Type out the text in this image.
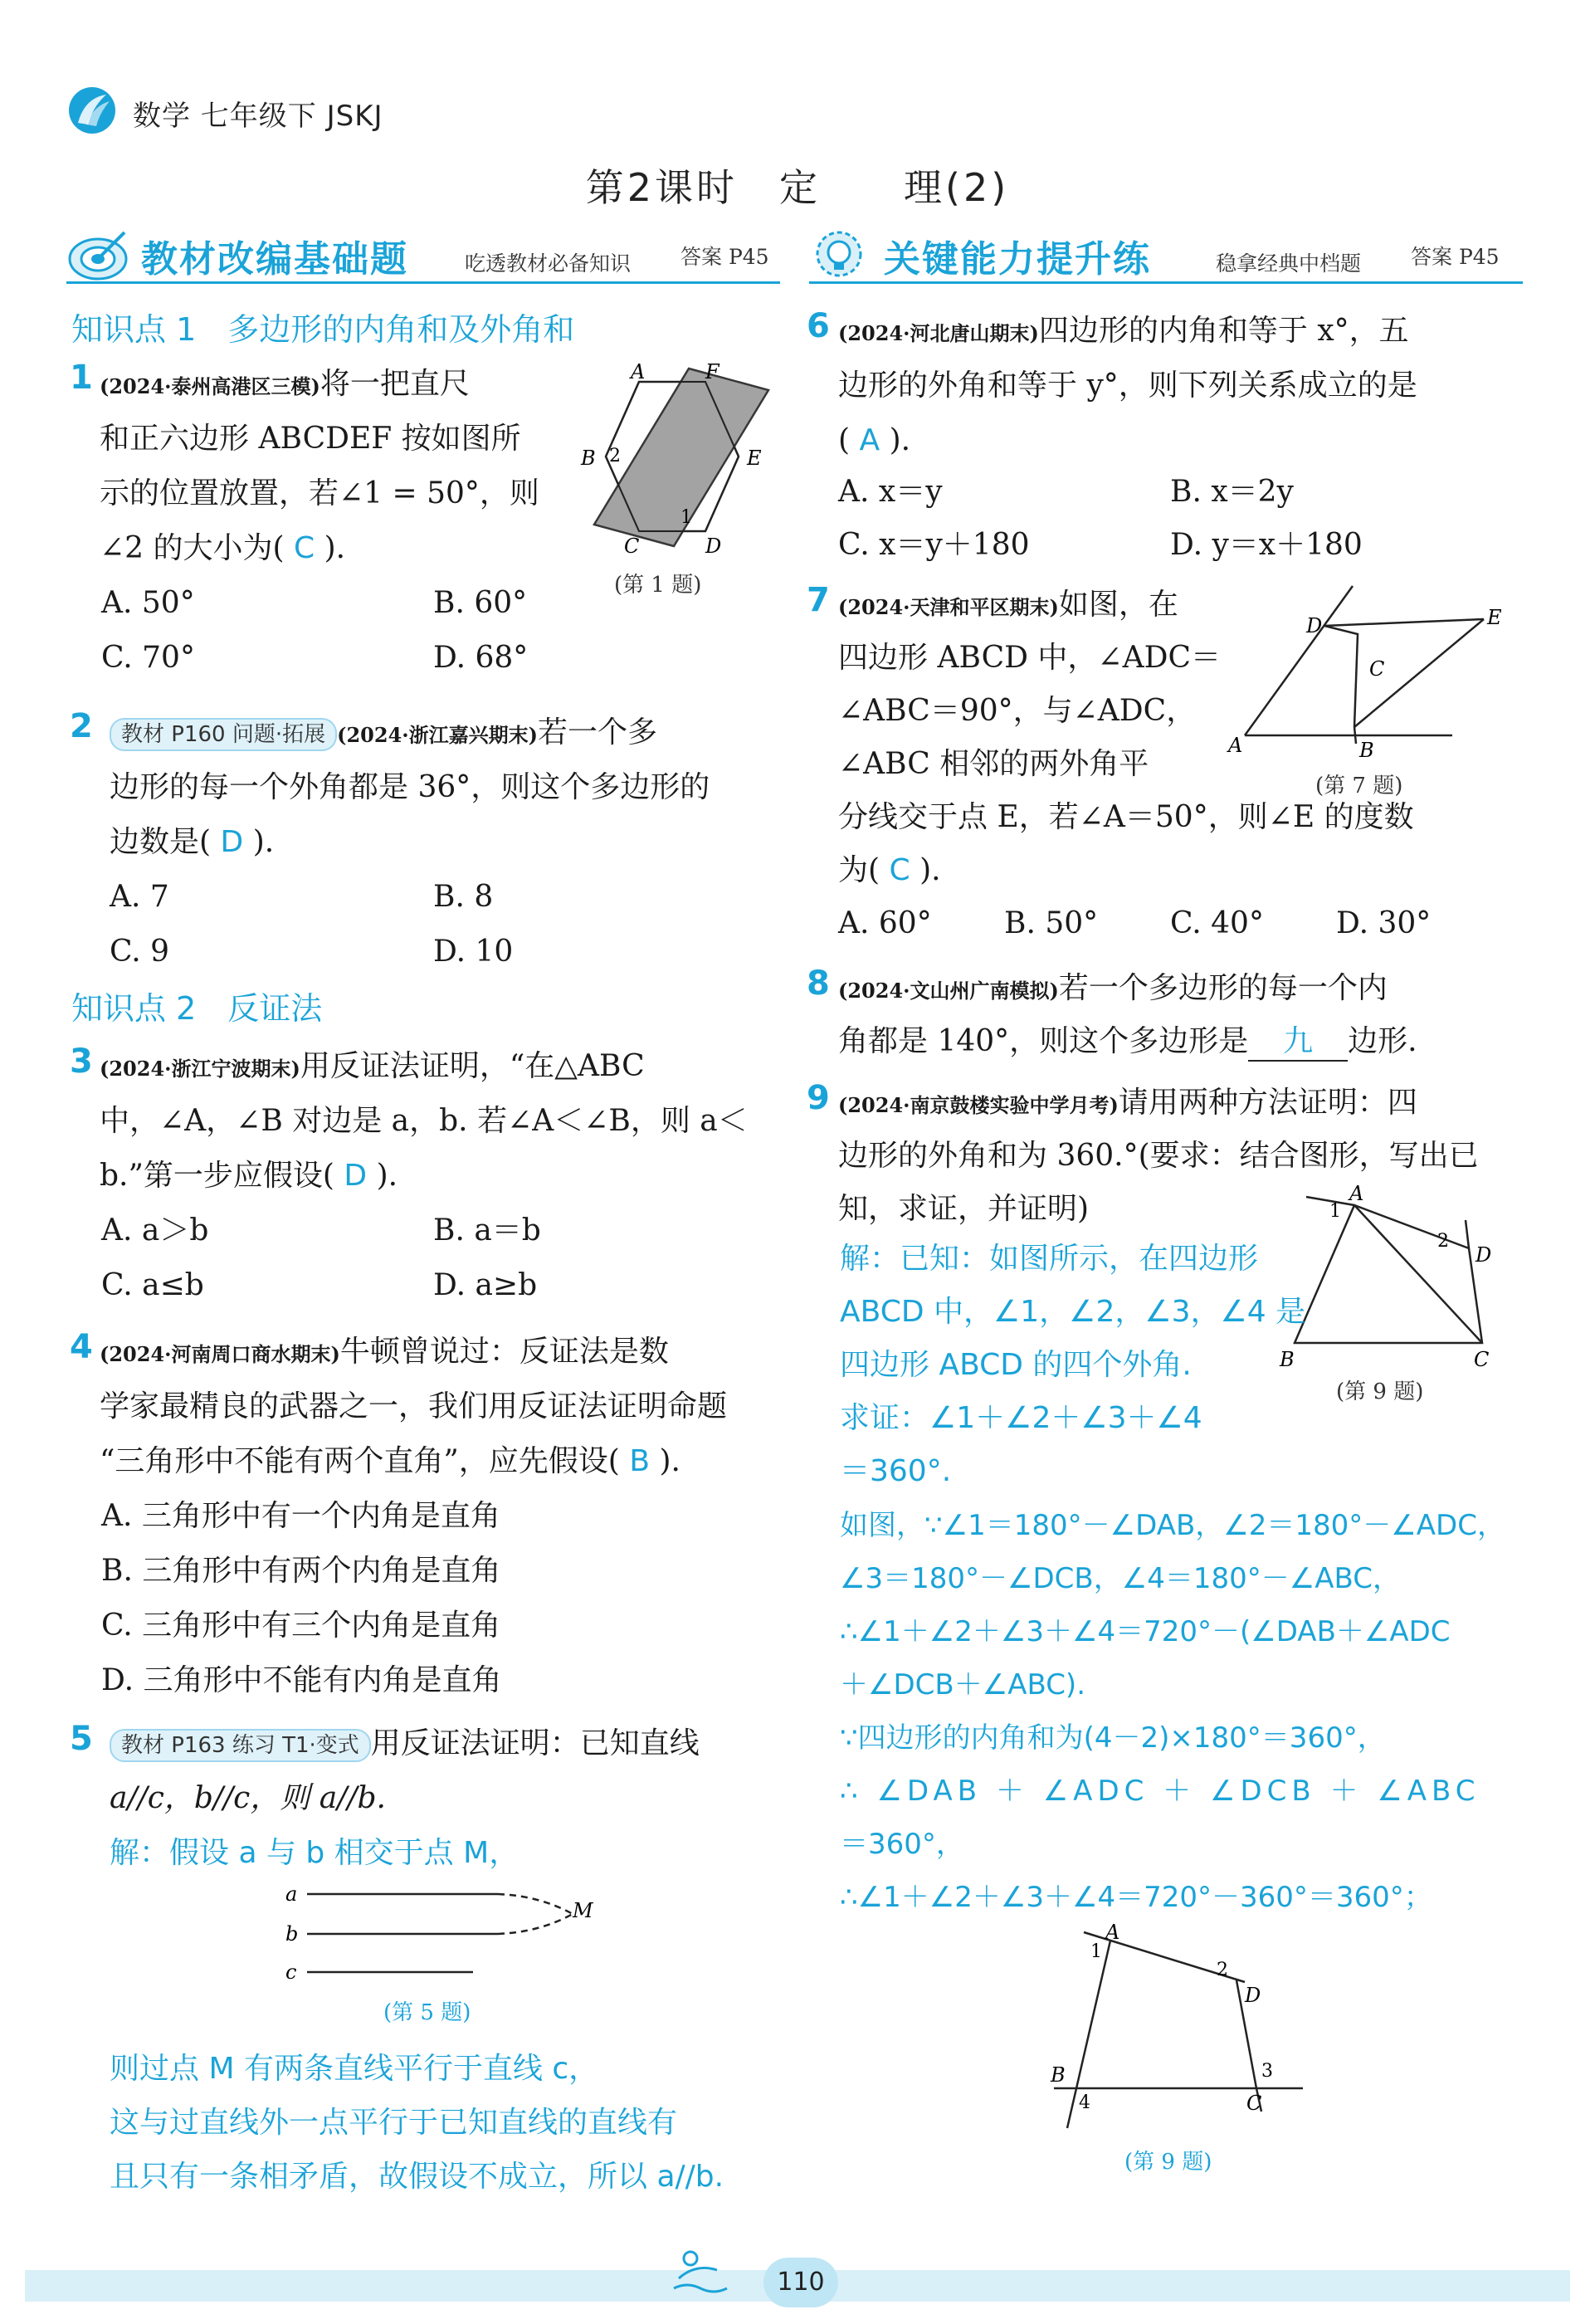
数学 七年级下 JSKJ
第2课时　定　　理(2)
教材改编基础题	吃透教材必备知识 答案 P45	关键能力提升练	稳拿经典中档题 答案 P45
知识点 1　多边形的内角和及外角和
1 (2024·泰州高港区三模)将一把直尺
和正六边形 ABCDEF 按如图所
示的位置放置，若∠1 = 50°，则
∠2 的大小为( C ).
A	F
B	E
C	D
1
2
(第 1 题)
A. 50°	B. 60°
C. 70°	D. 68°
2	教材 P160 问题·拓展 (2024·浙江嘉兴期末)若一个多
边形的每一个外角都是 36°，则这个多边形的
边数是( D ).
A. 7	B. 8
C. 9	D. 10
知识点 2　反证法
3 (2024·浙江宁波期末)用反证法证明，“在△ABC
中，∠A，∠B 对边是 a，b. 若∠A＜∠B，则 a＜
b.”第一步应假设( D ).
A. a＞b	B. a＝b
C. a≤b	D. a≥b
4 (2024·河南周口商水期末)牛顿曾说过：反证法是数
学家最精良的武器之一，我们用反证法证明命题
“三角形中不能有两个直角”，应先假设( B ).
A. 三角形中有一个内角是直角
B. 三角形中有两个内角是直角
C. 三角形中有三个内角是直角
D. 三角形中不能有内角是直角
5	教材 P163 练习 T1·变式 用反证法证明：已知直线
a//c，b//c，则 a//b.
解：假设 a 与 b 相交于点 M，
a
b
c
M
(第 5 题)
则过点 M 有两条直线平行于直线 c，
这与过直线外一点平行于已知直线的直线有
且只有一条相矛盾，故假设不成立，所以 a//b.
6 (2024·河北唐山期末)四边形的内角和等于 x°，五
边形的外角和等于 y°，则下列关系成立的是
( A ).
A. x＝y	B. x＝2y
C. x＝y＋180	D. y＝x＋180
7 (2024·天津和平区期末)如图，在
四边形 ABCD 中，∠ADC＝
∠ABC＝90°，与∠ADC，
∠ABC 相邻的两外角平
分线交于点 E，若∠A＝50°，则∠E 的度数
为( C ).
A. 60° B. 50° C. 40° D. 30°
A
D
C
B
E
(第 7 题)
8 (2024·文山州广南模拟)若一个多边形的每一个内
角都是 140°，则这个多边形是 九 边形.
9 (2024·南京鼓楼实验中学月考)请用两种方法证明：四
边形的外角和为 360.°(要求：结合图形，写出已
知，求证，并证明)	A
1
2
D
B	C
(第 9 题)
解：已知：如图所示，在四边形
ABCD 中，∠1，∠2，∠3，∠4 是
四边形 ABCD 的四个外角.
求证：∠1＋∠2＋∠3＋∠4
＝360°.
如图，∵∠1＝180°－∠DAB，∠2＝180°－∠ADC，
∠3＝180°－∠DCB，∠4＝180°－∠ABC，
∴∠1＋∠2＋∠3＋∠4＝720°－(∠DAB＋∠ADC
＋∠DCB＋∠ABC).
∵四边形的内角和为(4－2)×180°＝360°，
∴ ∠DAB ＋ ∠ADC ＋ ∠DCB ＋ ∠ABC
＝360°，
∴∠1＋∠2＋∠3＋∠4＝720°－360°＝360°；
A
1
2
D
3
B
4	C
(第 9 题)
110
